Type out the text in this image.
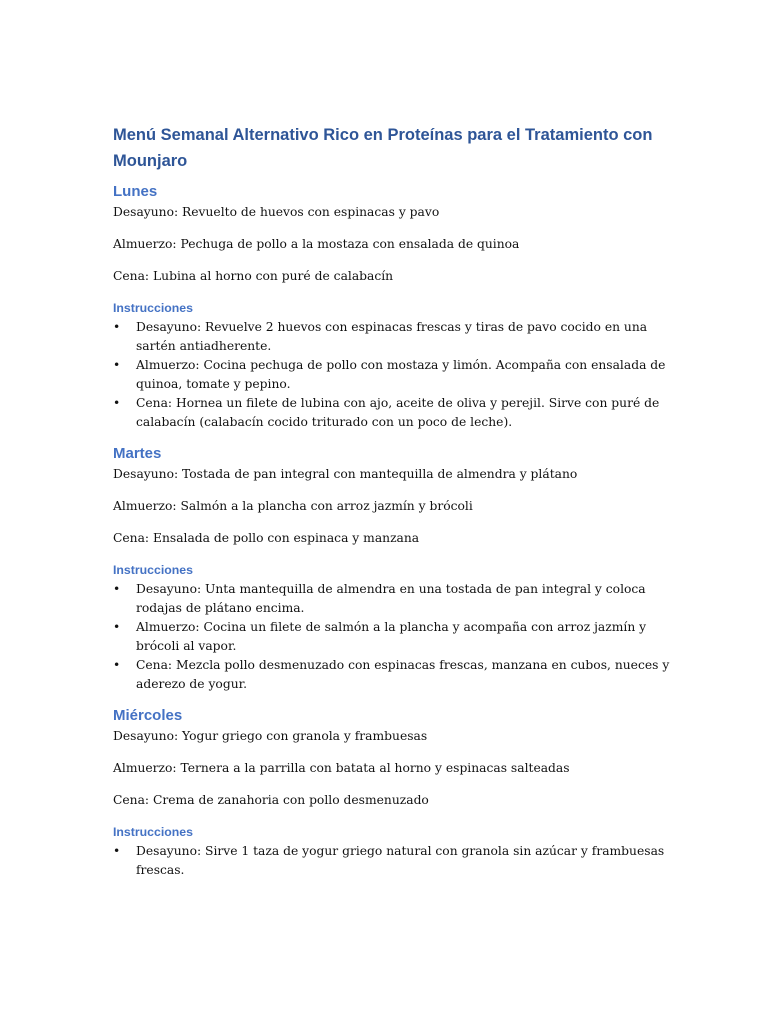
Menú Semanal Alternativo Rico en Proteínas para el Tratamiento con Mounjaro
Lunes

Desayuno: Revuelto de huevos con espinacas y pavo

Almuerzo: Pechuga de pollo a la mostaza con ensalada de quinoa

Cena: Lubina al horno con puré de calabacín

Instrucciones
•	Desayuno: Revuelve 2 huevos con espinacas frescas y tiras de pavo cocido en una sartén antiadherente.
•	Almuerzo: Cocina pechuga de pollo con mostaza y limón. Acompaña con ensalada de quinoa, tomate y pepino.
•	Cena: Hornea un filete de lubina con ajo, aceite de oliva y perejil. Sirve con puré de calabacín (calabacín cocido triturado con un poco de leche).
Martes

Desayuno: Tostada de pan integral con mantequilla de almendra y plátano

Almuerzo: Salmón a la plancha con arroz jazmín y brócoli

Cena: Ensalada de pollo con espinaca y manzana

Instrucciones
•	Desayuno: Unta mantequilla de almendra en una tostada de pan integral y coloca rodajas de plátano encima.
•	Almuerzo: Cocina un filete de salmón a la plancha y acompaña con arroz jazmín y brócoli al vapor.
•	Cena: Mezcla pollo desmenuzado con espinacas frescas, manzana en cubos, nueces y aderezo de yogur.
Miércoles

Desayuno: Yogur griego con granola y frambuesas

Almuerzo: Ternera a la parrilla con batata al horno y espinacas salteadas

Cena: Crema de zanahoria con pollo desmenuzado

Instrucciones
•	Desayuno: Sirve 1 taza de yogur griego natural con granola sin azúcar y frambuesas frescas.
